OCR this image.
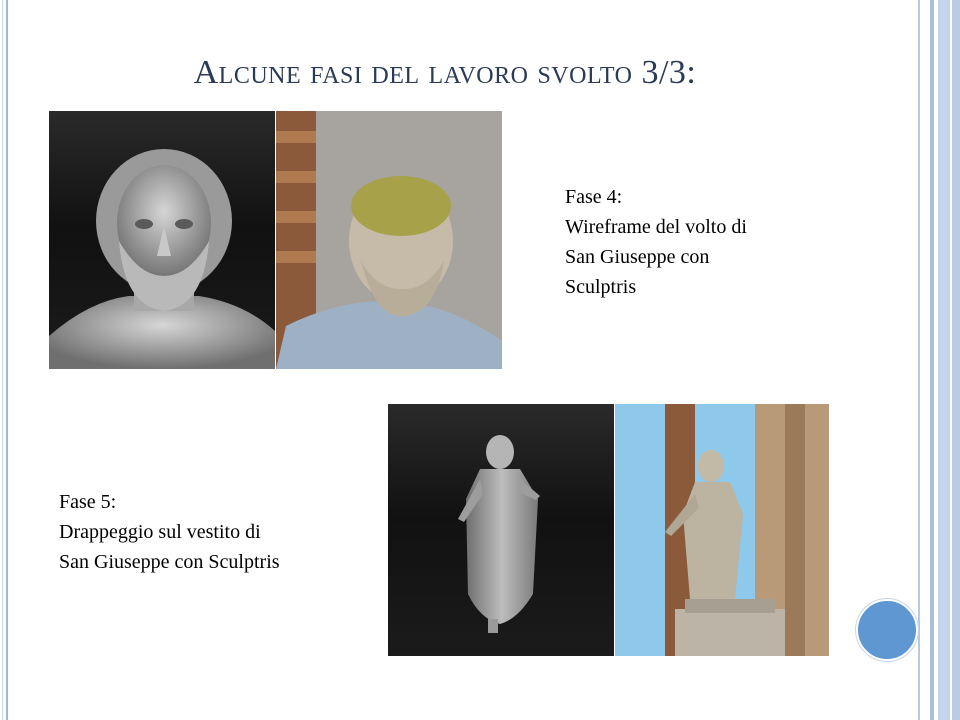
Alcune fasi del lavoro svolto 3/3:
Fase 4:
Wireframe del volto di
San Giuseppe con
Sculptris
Fase 5:
Drappeggio sul vestito di
San Giuseppe con Sculptris
